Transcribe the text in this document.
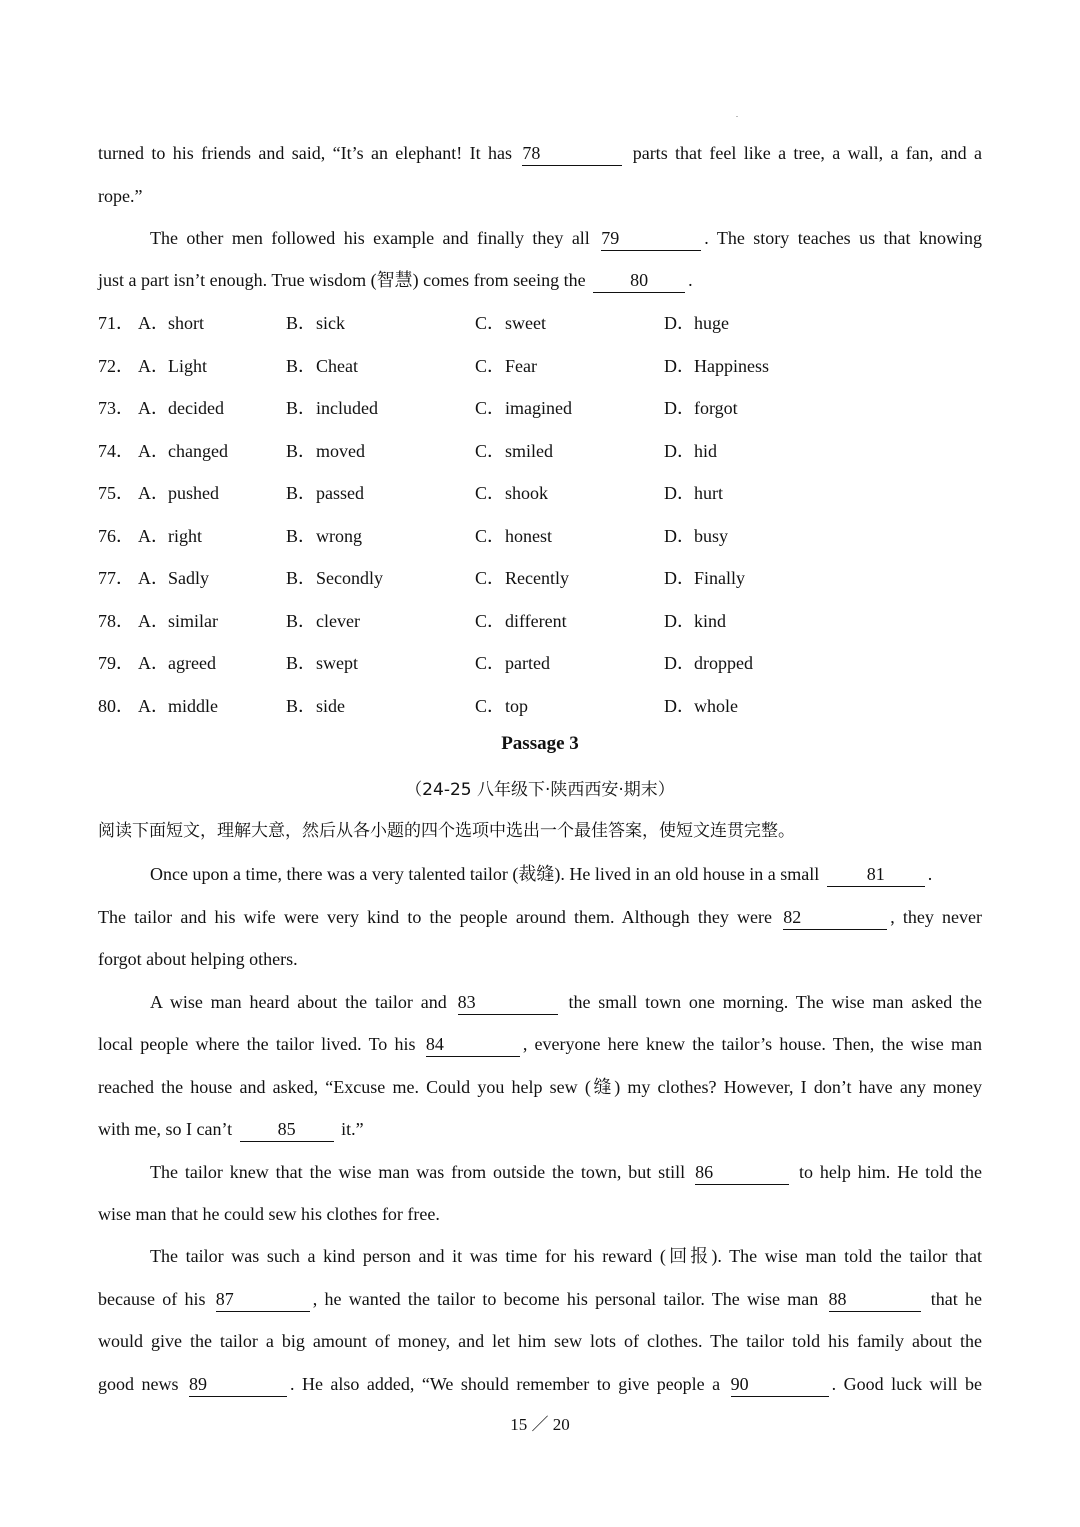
turned to his friends and said, “It’s an elephant! It has 78	parts that feel like a tree, a wall, a fan, and a
rope.”
The other men followed his example and finally they all 79	. The story teaches us that knowing
just a part isn’t enough. True wisdom (智慧) comes from seeing the 80 .
71． A．short	B．sick	C．sweet	D．huge
72． A．Light	B．Cheat	C．Fear	D．Happiness
73． A．decided	B．included	C．imagined	D．forgot
74． A．changed	B．moved	C．smiled	D．hid
75． A．pushed	B．passed	C．shook	D．hurt
76． A．right	B．wrong	C．honest	D．busy
77． A．Sadly	B．Secondly	C．Recently	D．Finally
78． A．similar	B．clever	C．different	D．kind
79． A．agreed	B．swept	C．parted	D．dropped
80． A．middle	B．side	C．top	D．whole
Passage 3
（24-25 八年级下·陕西西安·期末）
阅读下面短文，理解大意，然后从各小题的四个选项中选出一个最佳答案，使短文连贯完整。
Once upon a time, there was a very talented tailor (裁缝). He lived in an old house in a small	81 .
The tailor and his wife were very kind to the people around them. Although they were 82	, they never
forgot about helping others.
A wise man heard about the tailor and 83	the small town one morning. The wise man asked the
local people where the tailor lived. To his 84	, everyone here knew the tailor’s house. Then, the wise man
reached the house and asked, “Excuse me. Could you help sew (缝) my clothes? However, I don’t have any money
with me, so I can’t	85	it.”
The tailor knew that the wise man was from outside the town, but still 86	to help him. He told the
wise man that he could sew his clothes for free.
The tailor was such a kind person and it was time for his reward (回报). The wise man told the tailor that
because of his 87	, he wanted the tailor to become his personal tailor. The wise man 88	that he
would give the tailor a big amount of money, and let him sew lots of clothes. The tailor told his family about the
good news 89	. He also added, “We should remember to give people a 90	. Good luck will be
15 ／ 20
